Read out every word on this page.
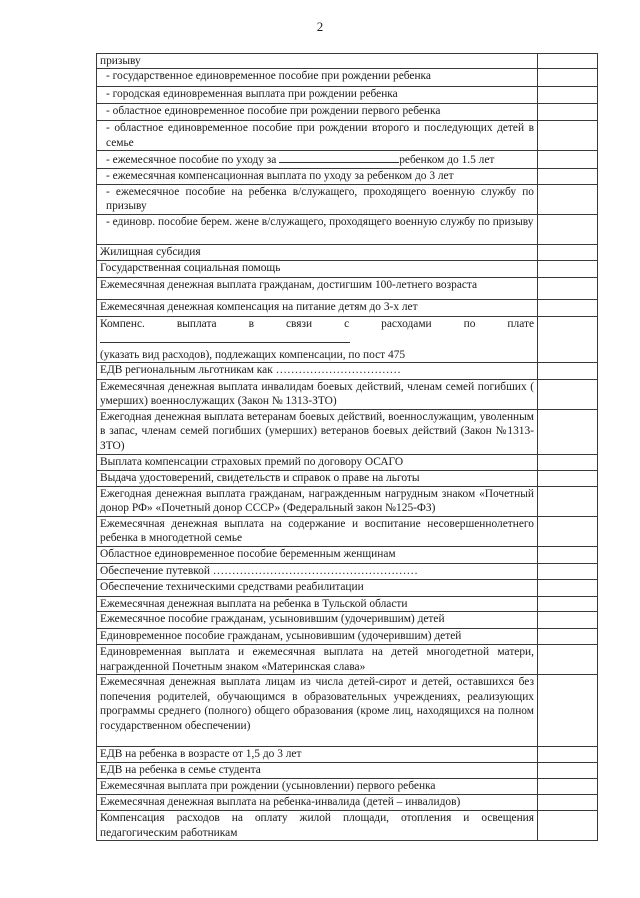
2
призыву	

- государственное единовременное пособие при рождении ребенка	

- городская единовременная выплата при рождении ребенка	

- областное единовременное пособие при рождении первого ребенка	

- областное единовременное пособие при рождении второго и последующих детей в семье	

- ежемесячное пособие по уходу за ребенком до 1.5 лет	

- ежемесячная компенсационная выплата по уходу за ребенком до 3 лет	

- ежемесячное пособие на ребенка в/служащего, проходящего военную службу по призыву	

- единовр. пособие берем. жене в/служащего, проходящего военную службу по призыву	

Жилищная субсидия	

Государственная социальная помощь	

Ежемесячная денежная выплата гражданам, достигшим 100-летнего возраста	

Ежемесячная денежная компенсация на питание детям до 3-х лет	

Компенс. выплата в связи с расходами по плате
(указать вид расходов), подлежащих компенсации, по пост 475	

ЕДВ региональным льготникам как ……………………………	

Ежемесячная денежная выплата инвалидам боевых действий, членам семей погибших ( умерших) военнослужащих (Закон № 1313-ЗТО)	

Ежегодная денежная выплата ветеранам боевых действий, военнослужащим, уволенным в запас, членам семей погибших (умерших) ветеранов боевых действий (Закон №1313-ЗТО)	

Выплата компенсации страховых премий по договору ОСАГО	

Выдача удостоверений, свидетельств и справок о праве на льготы	

Ежегодная денежная выплата гражданам, награжденным нагрудным знаком «Почетный донор РФ» «Почетный донор СССР» (Федеральный закон №125-ФЗ)	

Ежемесячная денежная выплата на содержание и воспитание несовершеннолетнего ребенка в многодетной семье	

Областное единовременное пособие беременным женщинам	

Обеспечение путевкой ………………………………………………	

Обеспечение техническими средствами реабилитации	

Ежемесячная денежная выплата на ребенка в Тульской области	

Ежемесячное пособие гражданам, усыновившим (удочерившим) детей	

Единовременное пособие гражданам, усыновившим (удочерившим) детей	

Единовременная выплата и ежемесячная выплата на детей многодетной матери, награжденной Почетным знаком «Материнская слава»	

Ежемесячная денежная выплата лицам из числа детей-сирот и детей, оставшихся без попечения родителей, обучающимся в образовательных учреждениях, реализующих программы среднего (полного) общего образования (кроме лиц, находящихся на полном государственном обеспечении)	

ЕДВ на ребенка в возрасте от 1,5 до 3 лет	

ЕДВ на ребенка в семье студента	

Ежемесячная выплата при рождении (усыновлении) первого ребенка	

Ежемесячная денежная выплата на ребенка-инвалида (детей – инвалидов)	

Компенсация расходов на оплату жилой площади, отопления и освещения педагогическим работникам	
